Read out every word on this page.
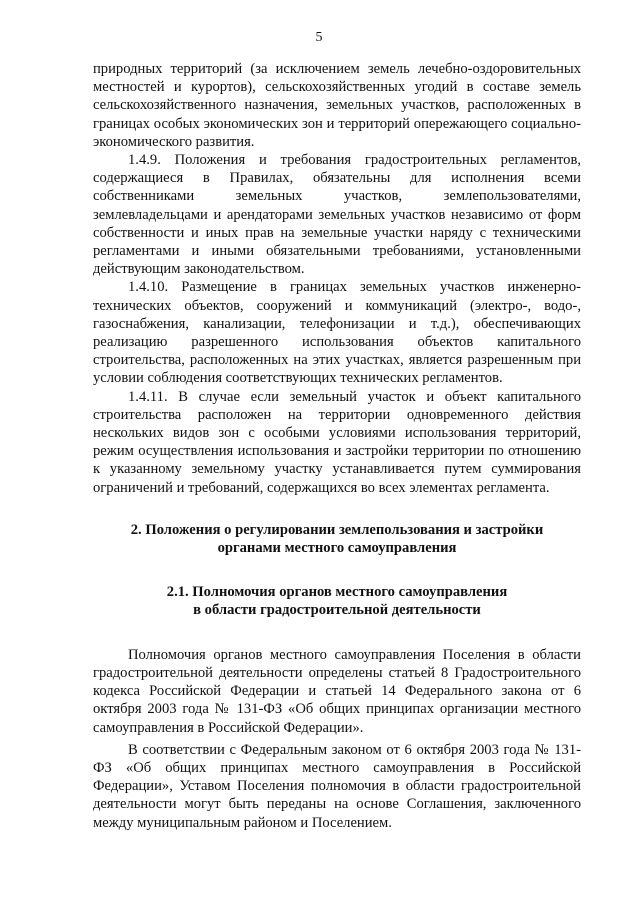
5

природных территорий (за исключением земель лечебно-оздоровительных местностей и курортов), сельскохозяйственных угодий в составе земель сельскохозяйственного назначения, земельных участков, расположенных в границах особых экономических зон и территорий опережающего социально-экономического развития.

1.4.9. Положения и требования градостроительных регламентов, содержащиеся в Правилах, обязательны для исполнения всеми собственниками земельных участков, землепользователями, землевладельцами и арендаторами земельных участков независимо от форм собственности и иных прав на земельные участки наряду с техническими регламентами и иными обязательными требованиями, установленными действующим законодательством.

1.4.10. Размещение в границах земельных участков инженерно-технических объектов, сооружений и коммуникаций (электро-, водо-, газоснабжения, канализации, телефонизации и т.д.), обеспечивающих реализацию разрешенного использования объектов капитального строительства, расположенных на этих участках, является разрешенным при условии соблюдения соответствующих технических регламентов.

1.4.11. В случае если земельный участок и объект капитального строительства расположен на территории одновременного действия нескольких видов зон с особыми условиями использования территорий, режим осуществления использования и застройки территории по отношению к указанному земельному участку устанавливается путем суммирования ограничений и требований, содержащихся во всех элементах регламента.

2. Положения о регулировании землепользования и застройки

органами местного самоуправления

2.1. Полномочия органов местного самоуправления

в области градостроительной деятельности

Полномочия органов местного самоуправления Поселения в области градостроительной деятельности определены статьей 8 Градостроительного кодекса Российской Федерации и статьей 14 Федерального закона от 6 октября 2003 года № 131-ФЗ «Об общих принципах организации местного самоуправления в Российской Федерации».

В соответствии с Федеральным законом от 6 октября 2003 года № 131-ФЗ «Об общих принципах местного самоуправления в Российской Федерации», Уставом Поселения полномочия в области градостроительной деятельности могут быть переданы на основе Соглашения, заключенного между муниципальным районом и Поселением.
